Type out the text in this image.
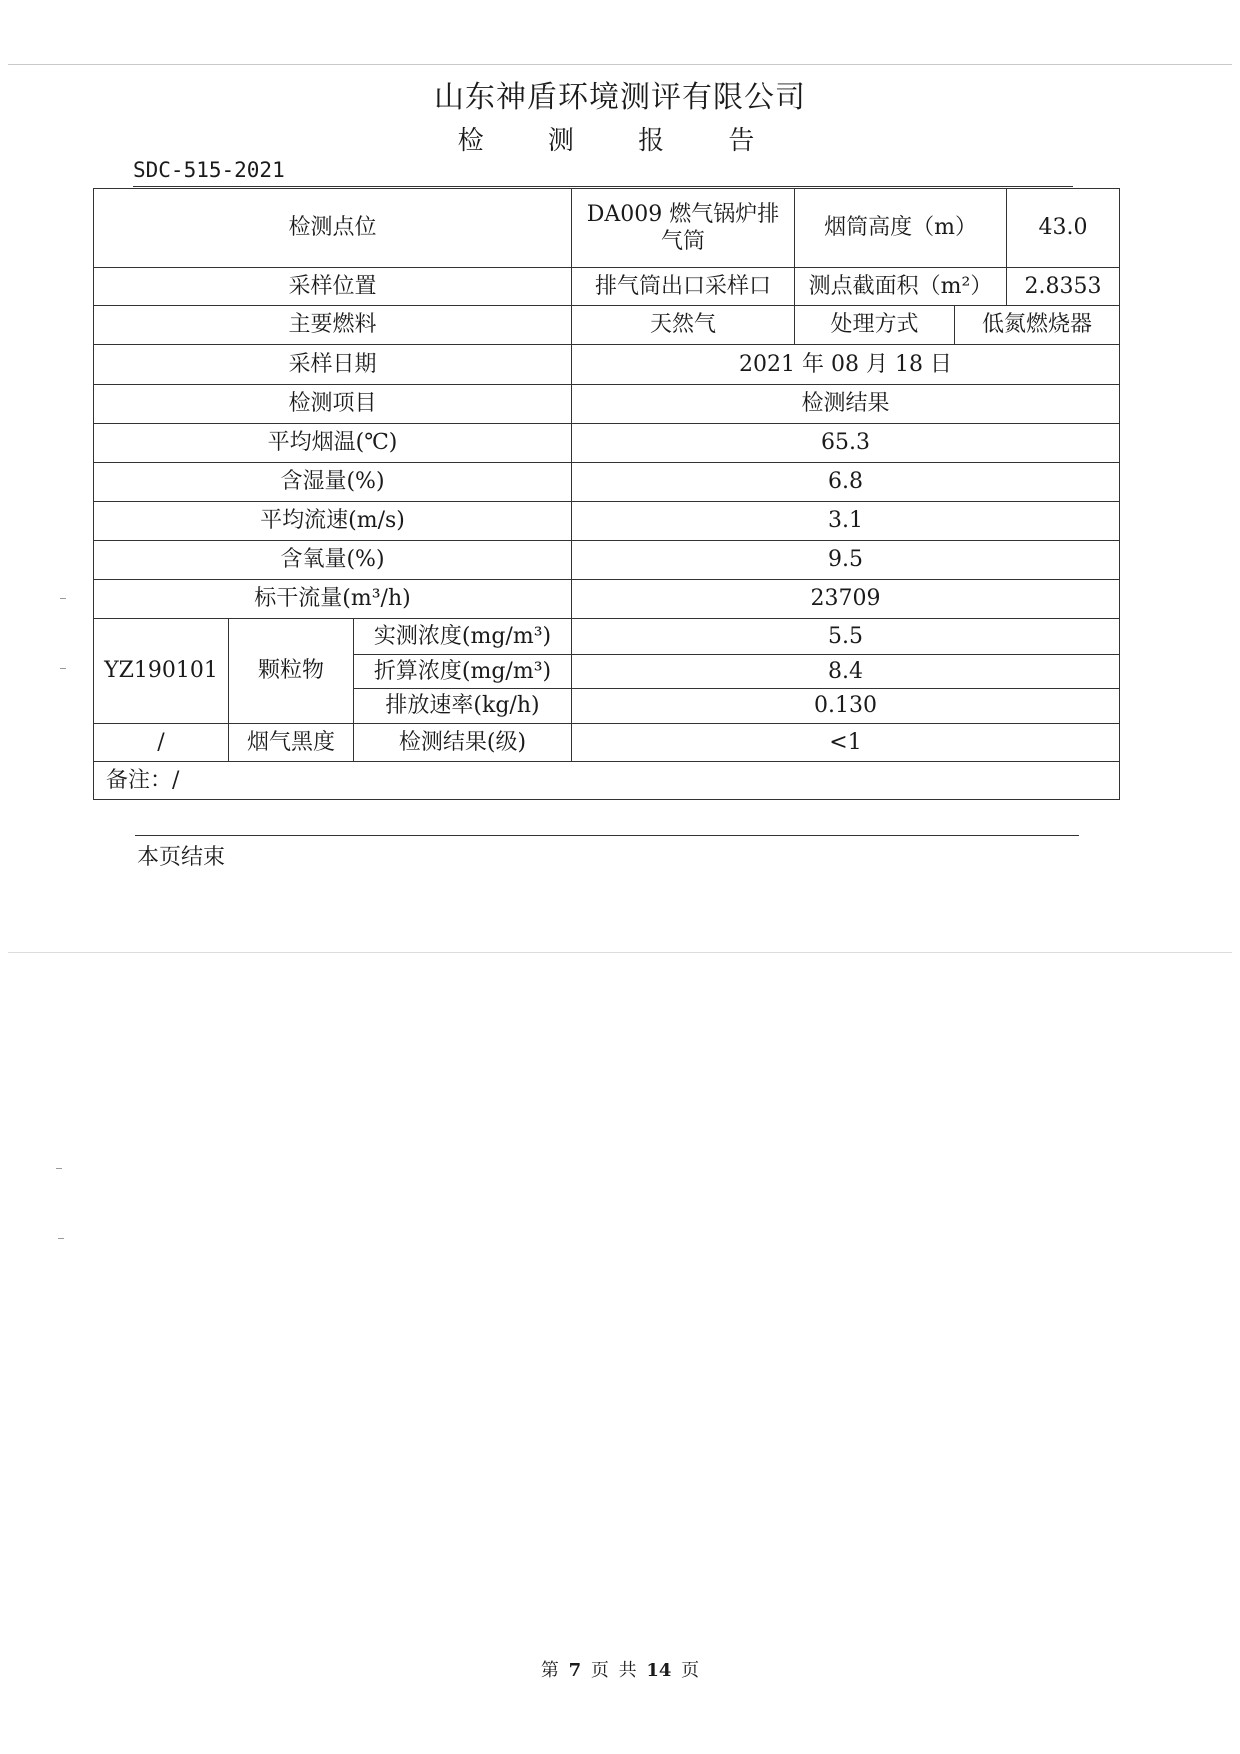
山东神盾环境测评有限公司
检 测 报 告
SDC-515-2021
检测点位			DA009 燃气锅炉排气筒	烟筒高度（m）		43.0
采样位置			排气筒出口采样口	测点截面积（m²）		2.8353
主要燃料			天然气	处理方式	低氮燃烧器	
采样日期			2021 年 08 月 18 日			
检测项目			检测结果			
平均烟温(℃)			65.3			
含湿量(%)			6.8			
平均流速(m/s)			3.1			
含氧量(%)			9.5			
标干流量(m³/h)			23709			
YZ190101	颗粒物	实测浓度(mg/m³)	5.5			
		折算浓度(mg/m³)	8.4			
		排放速率(kg/h)	0.130			
/	烟气黑度	检测结果(级)	<1			
备注：/						
本页结束
第 7 页 共 14 页
